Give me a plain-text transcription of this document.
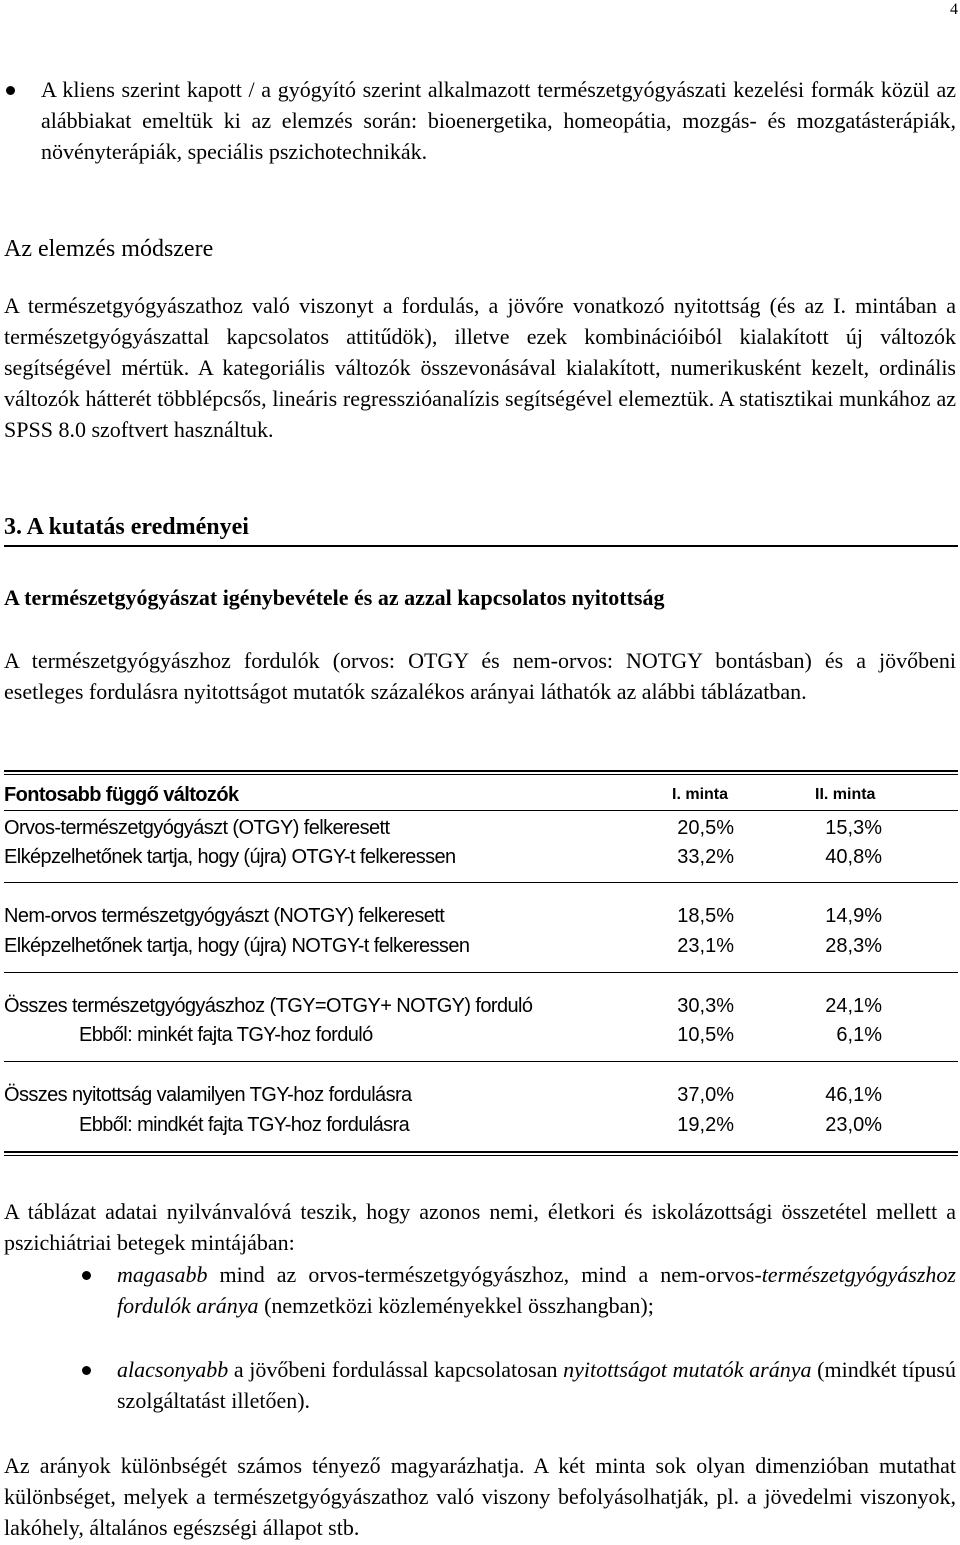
4
A kliens szerint kapott / a gyógyító szerint alkalmazott természetgyógyászati kezelési formák közül az alábbiakat emeltük ki az elemzés során: bioenergetika, homeopátia, mozgás- és mozgatásterápiák, növényterápiák, speciális pszichotechnikák.
Az elemzés módszere
A természetgyógyászathoz való viszonyt a fordulás, a jövőre vonatkozó nyitottság (és az I. mintában a természetgyógyászattal kapcsolatos attitűdök), illetve ezek kombinációiból kialakított új változók segítségével mértük. A kategoriális változók összevonásával kialakított, numerikusként kezelt, ordinális változók hátterét többlépcsős, lineáris regresszióanalízis segítségével elemeztük. A statisztikai munkához az SPSS 8.0 szoftvert használtuk.
3. A kutatás eredményei
A természetgyógyászat igénybevétele és az azzal kapcsolatos nyitottság
A természetgyógyászhoz fordulók (orvos: OTGY és nem-orvos: NOTGY bontásban) és a jövőbeni esetleges fordulásra nyitottságot mutatók százalékos arányai láthatók az alábbi táblázatban.
Fontosabb függő változók	I. minta	II. minta
Orvos-természetgyógyászt (OTGY) felkeresett	20,5%	15,3%
Elképzelhetőnek tartja, hogy (újra) OTGY-t felkeressen	33,2%	40,8%
Nem-orvos természetgyógyászt (NOTGY) felkeresett	18,5%	14,9%
Elképzelhetőnek tartja, hogy (újra) NOTGY-t felkeressen	23,1%	28,3%
Összes természetgyógyászhoz (TGY=OTGY+ NOTGY) forduló	30,3%	24,1%
Ebből: minkét fajta TGY-hoz forduló	10,5%	6,1%
Összes nyitottság valamilyen TGY-hoz fordulásra	37,0%	46,1%
Ebből: mindkét fajta TGY-hoz fordulásra	19,2%	23,0%
A táblázat adatai nyilvánvalóvá teszik, hogy azonos nemi, életkori és iskolázottsági összetétel mellett a pszichiátriai betegek mintájában:
magasabb mind az orvos-természetgyógyászhoz, mind a nem-orvos-természetgyógyászhoz fordulók aránya (nemzetközi közleményekkel összhangban);
alacsonyabb a jövőbeni fordulással kapcsolatosan nyitottságot mutatók aránya (mindkét típusú szolgáltatást illetően).
Az arányok különbségét számos tényező magyarázhatja. A két minta sok olyan dimenzióban mutathat különbséget, melyek a természetgyógyászathoz való viszony befolyásolhatják, pl. a jövedelmi viszonyok, lakóhely, általános egészségi állapot stb.
